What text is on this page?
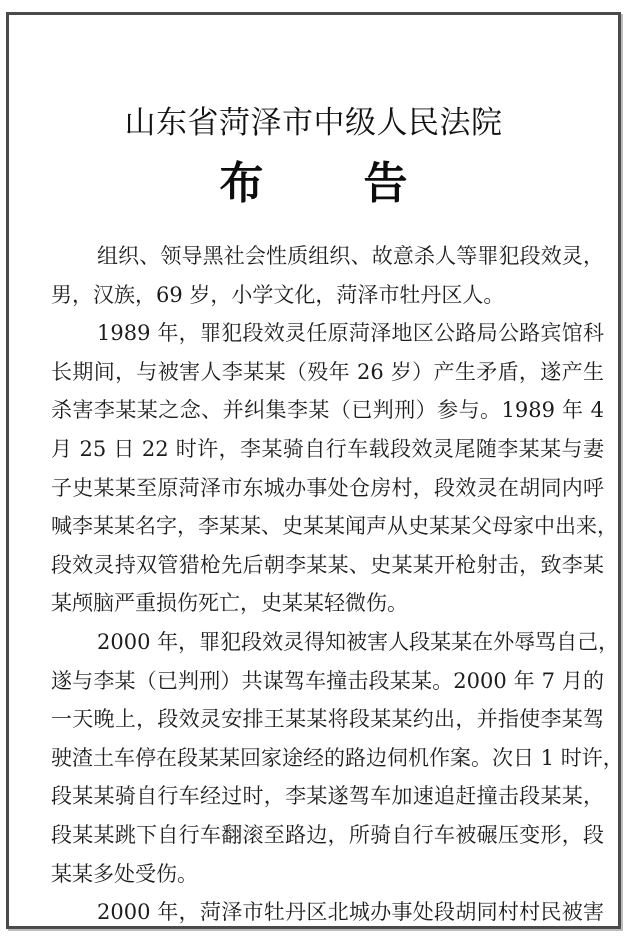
山东省菏泽市中级人民法院
布 告
组织、领导黑社会性质组织、故意杀人等罪犯段效灵，
男，汉族，69 岁，小学文化，菏泽市牡丹区人。
1989 年，罪犯段效灵任原菏泽地区公路局公路宾馆科
长期间，与被害人李某某（殁年 26 岁）产生矛盾，遂产生
杀害李某某之念、并纠集李某（已判刑）参与。1989 年 4
月 25 日 22 时许，李某骑自行车载段效灵尾随李某某与妻
子史某某至原菏泽市东城办事处仓房村，段效灵在胡同内呼
喊李某某名字，李某某、史某某闻声从史某某父母家中出来，
段效灵持双管猎枪先后朝李某某、史某某开枪射击，致李某
某颅脑严重损伤死亡，史某某轻微伤。
2000 年，罪犯段效灵得知被害人段某某在外辱骂自己，
遂与李某（已判刑）共谋驾车撞击段某某。2000 年 7 月的
一天晚上，段效灵安排王某某将段某某约出，并指使李某驾
驶渣土车停在段某某回家途经的路边伺机作案。次日 1 时许，
段某某骑自行车经过时，李某遂驾车加速追赶撞击段某某，
段某某跳下自行车翻滚至路边，所骑自行车被碾压变形，段
某某多处受伤。
2000 年，菏泽市牡丹区北城办事处段胡同村村民被害
